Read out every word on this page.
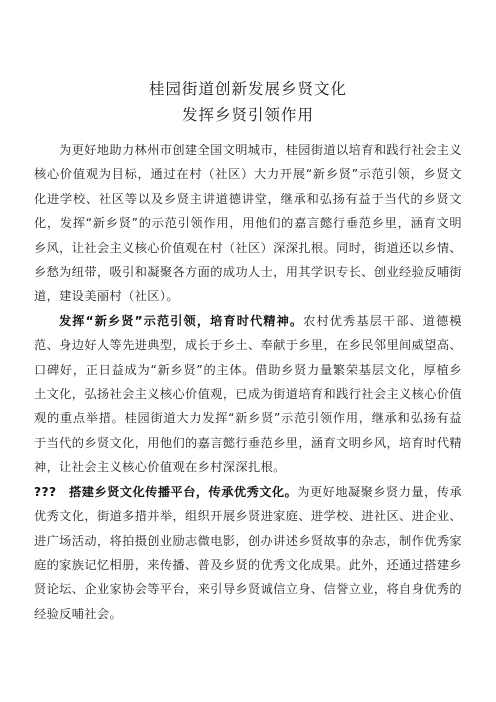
桂园街道创新发展乡贤文化
发挥乡贤引领作用

为更好地助力林州市创建全国文明城市，桂园街道以培育和践行社会主义核心价值观为目标，通过在村（社区）大力开展“新乡贤”示范引领，乡贤文化进学校、社区等以及乡贤主讲道德讲堂，继承和弘扬有益于当代的乡贤文化，发挥“新乡贤”的示范引领作用，用他们的嘉言懿行垂范乡里，涵育文明乡风，让社会主义核心价值观在村（社区）深深扎根。同时，街道还以乡情、乡愁为纽带，吸引和凝聚各方面的成功人士，用其学识专长、创业经验反哺街道，建设美丽村（社区）。

发挥“新乡贤”示范引领，培育时代精神。农村优秀基层干部、道德模范、身边好人等先进典型，成长于乡土、奉献于乡里，在乡民邻里间威望高、口碑好，正日益成为“新乡贤”的主体。借助乡贤力量繁荣基层文化，厚植乡土文化，弘扬社会主义核心价值观，已成为街道培育和践行社会主义核心价值观的重点举措。桂园街道大力发挥“新乡贤”示范引领作用，继承和弘扬有益于当代的乡贤文化，用他们的嘉言懿行垂范乡里，涵育文明乡风，培育时代精神，让社会主义核心价值观在乡村深深扎根。

???  搭建乡贤文化传播平台，传承优秀文化。为更好地凝聚乡贤力量，传承优秀文化，街道多措并举，组织开展乡贤进家庭、进学校、进社区、进企业、进广场活动，将拍摄创业励志微电影，创办讲述乡贤故事的杂志，制作优秀家庭的家族记忆相册，来传播、普及乡贤的优秀文化成果。此外，还通过搭建乡贤论坛、企业家协会等平台，来引导乡贤诚信立身、信誉立业，将自身优秀的经验反哺社会。
